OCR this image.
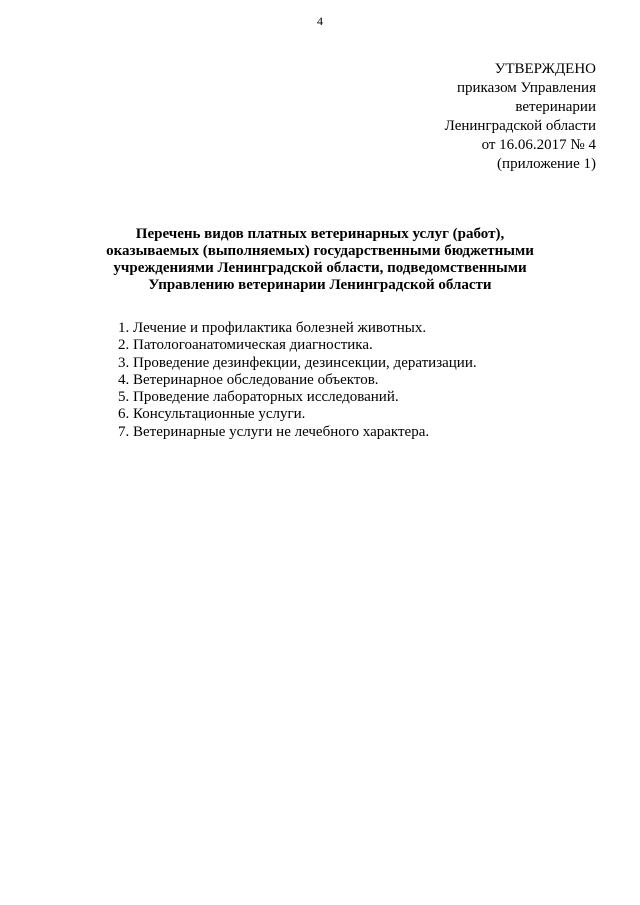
4
УТВЕРЖДЕНО
приказом Управления
ветеринарии
Ленинградской области
от 16.06.2017 № 4
(приложение 1)
Перечень видов платных ветеринарных услуг (работ),
оказываемых (выполняемых) государственными бюджетными
учреждениями Ленинградской области, подведомственными
Управлению ветеринарии Ленинградской области
1. Лечение и профилактика болезней животных.
2. Патологоанатомическая диагностика.
3. Проведение дезинфекции, дезинсекции, дератизации.
4. Ветеринарное обследование объектов.
5. Проведение лабораторных исследований.
6. Консультационные услуги.
7. Ветеринарные услуги не лечебного характера.
